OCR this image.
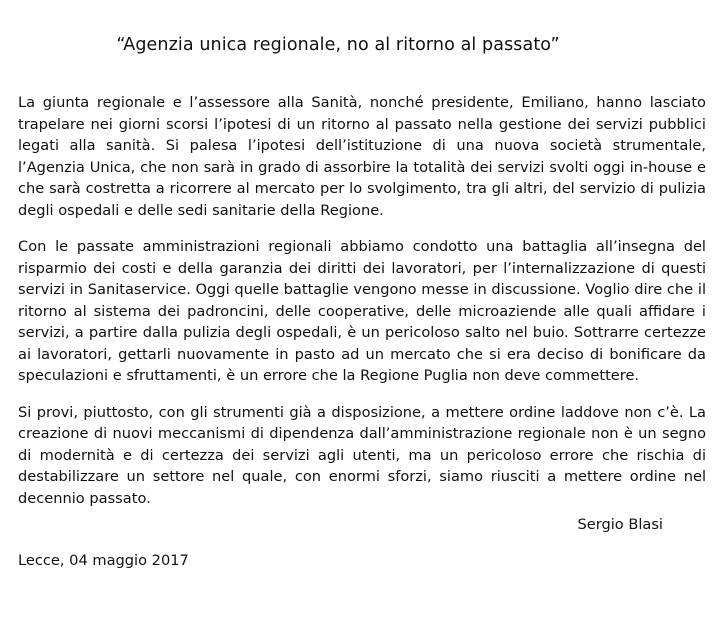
“Agenzia unica regionale, no al ritorno al passato”

La giunta regionale e l’assessore alla Sanità, nonché presidente, Emiliano, hanno lasciato trapelare nei giorni scorsi l’ipotesi di un ritorno al passato nella gestione dei servizi pubblici legati alla sanità. Si palesa l’ipotesi dell’istituzione di una nuova società strumentale, l’Agenzia Unica, che non sarà in grado di assorbire la totalità dei servizi svolti oggi in-house e che sarà costretta a ricorrere al mercato per lo svolgimento, tra gli altri, del servizio di pulizia degli ospedali e delle sedi sanitarie della Regione.

Con le passate amministrazioni regionali abbiamo condotto una battaglia all’insegna del risparmio dei costi e della garanzia dei diritti dei lavoratori, per l’internalizzazione di questi servizi in Sanitaservice. Oggi quelle battaglie vengono messe in discussione. Voglio dire che il ritorno al sistema dei padroncini, delle cooperative, delle microaziende alle quali affidare i servizi, a partire dalla pulizia degli ospedali, è un pericoloso salto nel buio. Sottrarre certezze ai lavoratori, gettarli nuovamente in pasto ad un mercato che si era deciso di bonificare da speculazioni e sfruttamenti, è un errore che la Regione Puglia non deve commettere.

Si provi, piuttosto, con gli strumenti già a disposizione, a mettere ordine laddove non c’è. La creazione di nuovi meccanismi di dipendenza dall’amministrazione regionale non è un segno di modernità e di certezza dei servizi agli utenti, ma un pericoloso errore che rischia di destabilizzare un settore nel quale, con enormi sforzi, siamo riusciti a mettere ordine nel decennio passato.

Sergio Blasi
Lecce, 04 maggio 2017
